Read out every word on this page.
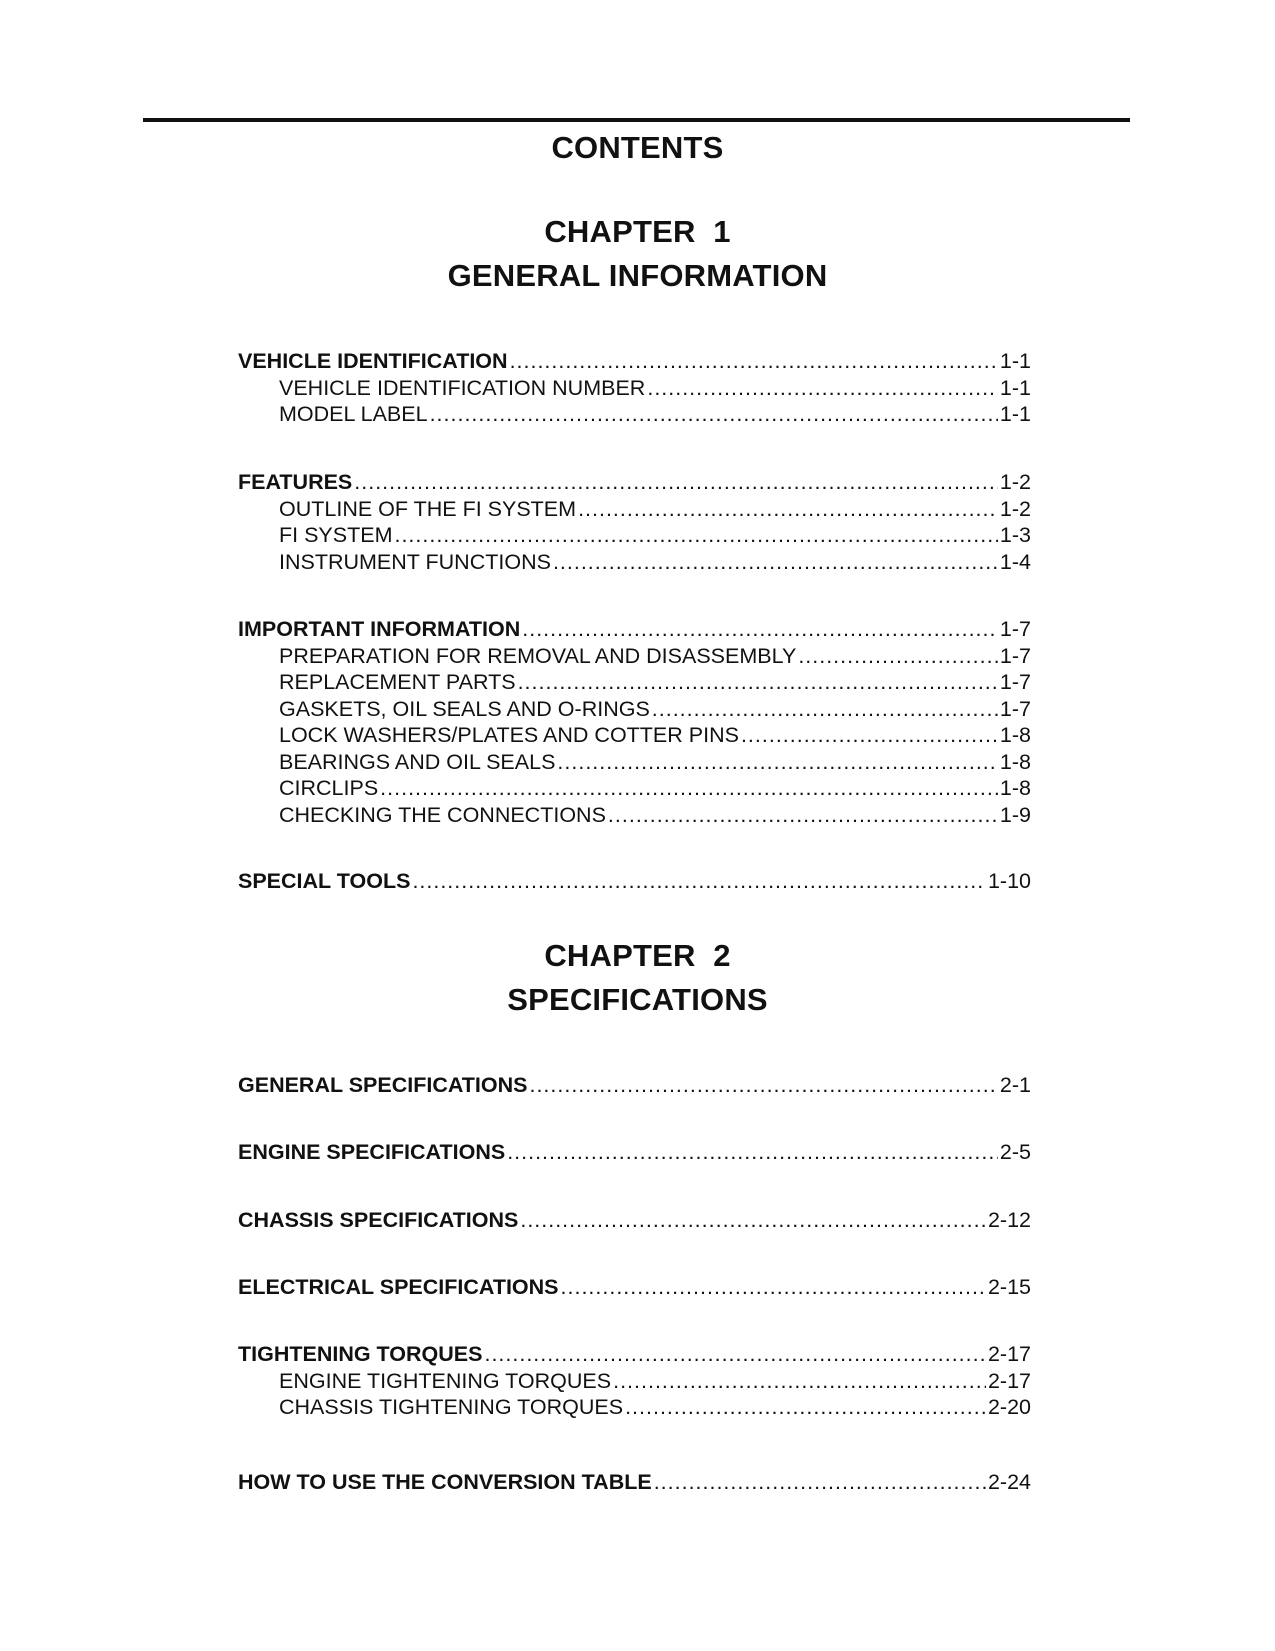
CONTENTS
CHAPTER  1
GENERAL INFORMATION
VEHICLE IDENTIFICATION .....	1-1
VEHICLE IDENTIFICATION NUMBER .....	1-1
MODEL LABEL .....	1-1
FEATURES .....	1-2
OUTLINE OF THE FI SYSTEM .....	1-2
FI SYSTEM .....	1-3
INSTRUMENT FUNCTIONS .....	1-4
IMPORTANT INFORMATION .....	1-7
PREPARATION FOR REMOVAL AND DISASSEMBLY .....	1-7
REPLACEMENT PARTS .....	1-7
GASKETS, OIL SEALS AND O-RINGS .....	1-7
LOCK WASHERS/PLATES AND COTTER PINS .....	1-8
BEARINGS AND OIL SEALS .....	1-8
CIRCLIPS .....	1-8
CHECKING THE CONNECTIONS .....	1-9
SPECIAL TOOLS .....	1-10
CHAPTER  2
SPECIFICATIONS
GENERAL SPECIFICATIONS .....	2-1
ENGINE SPECIFICATIONS .....	2-5
CHASSIS SPECIFICATIONS .....	2-12
ELECTRICAL SPECIFICATIONS .....	2-15
TIGHTENING TORQUES .....	2-17
ENGINE TIGHTENING TORQUES .....	2-17
CHASSIS TIGHTENING TORQUES .....	2-20
HOW TO USE THE CONVERSION TABLE .....	2-24
